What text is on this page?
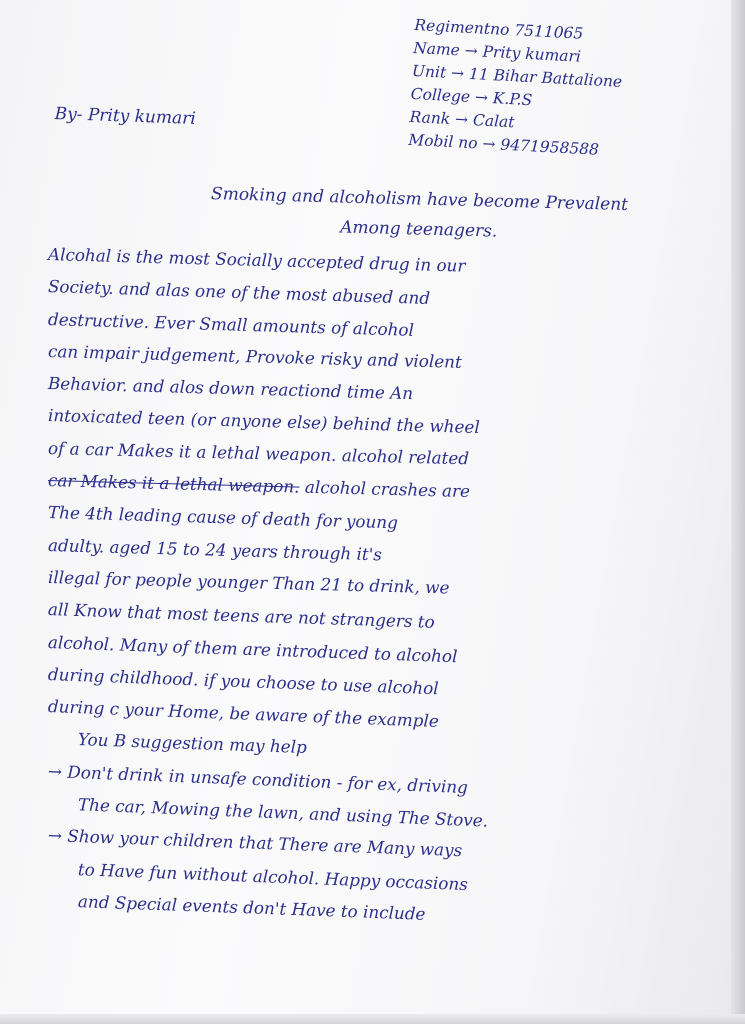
Regimentno 7511065
Name → Prity kumari
Unit → 11 Bihar Battalione
College → K.P.S
Rank → Calat
Mobil no → 9471958588
By- Prity kumari
Smoking and alcoholism have become Prevalent
Among teenagers.
Alcohal is the most Socially accepted drug in our
Society. and alas one of the most abused and
destructive. Ever Small amounts of alcohol
can impair judgement, Provoke risky and violent
Behavior. and alos down reactiond time An
intoxicated teen (or anyone else) behind the wheel
of a car Makes it a lethal weapon. alcohol related
car Makes it a lethal weapon. alcohol crashes are
The 4th leading cause of death for young
adulty. aged 15 to 24 years through it's
illegal for people younger Than 21 to drink, we
all Know that most teens are not strangers to
alcohol. Many of them are introduced to alcohol
during childhood. if you choose to use alcohol
during c your Home, be aware of the example
You B suggestion may help
→ Don't drink in unsafe condition - for ex, driving
The car, Mowing the lawn, and using The Stove.
→ Show your children that There are Many ways
to Have fun without alcohol. Happy occasions
and Special events don't Have to include
